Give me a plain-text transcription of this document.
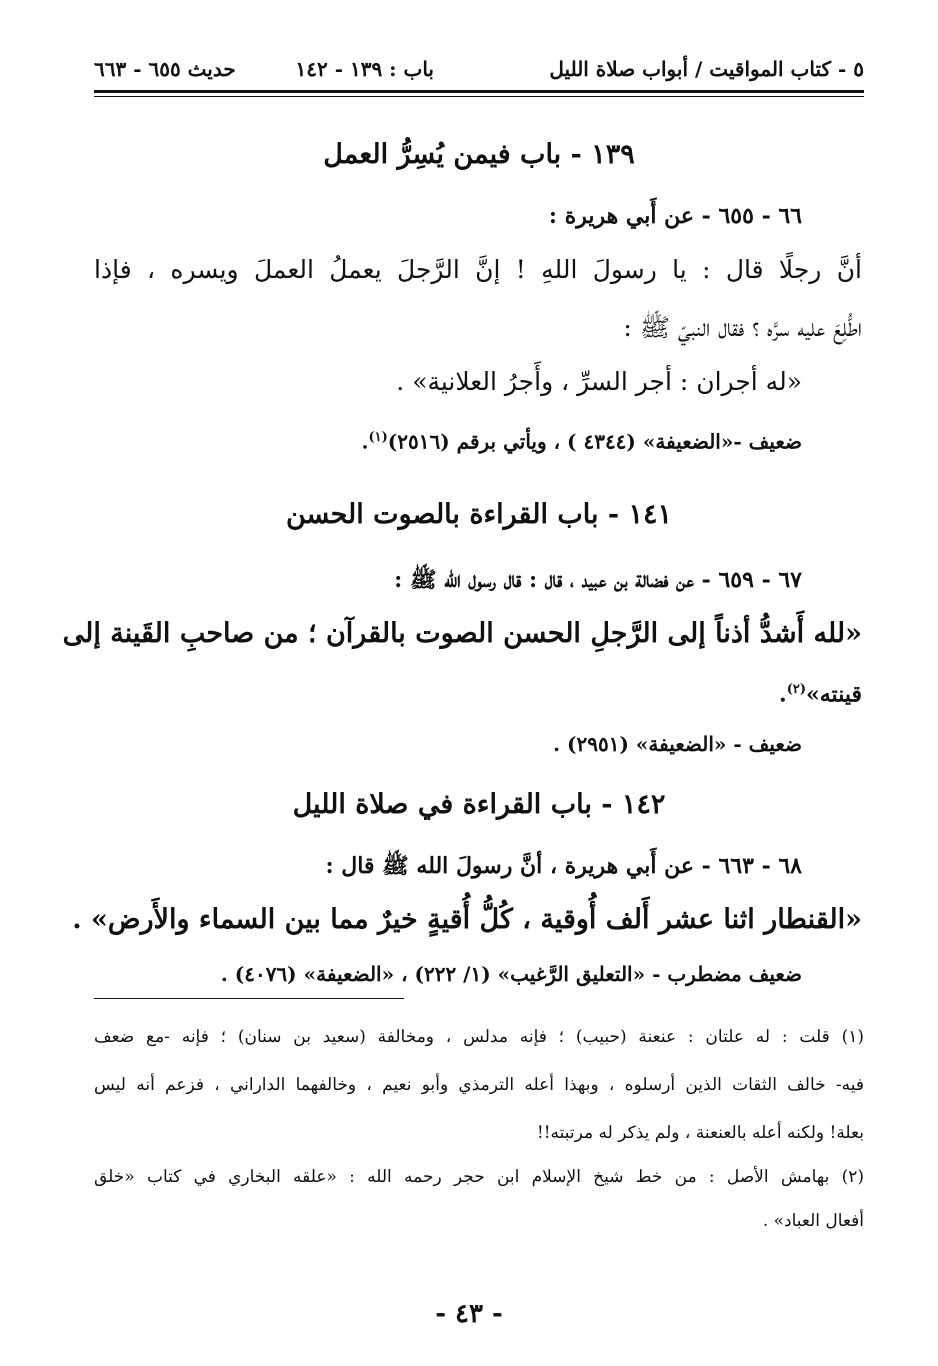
٥ - كتاب المواقيت / أبواب صلاة الليل
باب : ١٣٩ - ١٤٢
حديث ٦٥٥ - ٦٦٣
١٣٩ - باب فيمن يُسِرُّ العمل
٦٦ - ٦٥٥ - عن أَبي هريرة :
أنَّ رجلًا قال : يا رسولَ اللهِ ! إنَّ الرَّجلَ يعملُ العملَ ويسره ، فإذا
اطُّلِعَ عليه سرَّه ؟ فقال النبيّ ﷺ :
«له أجران : أجر السرِّ ، وأَجرُ العلانية» .
ضعيف -«الضعيفة» (٤٣٤٤ ) ، ويأتي برقم (٢٥١٦)$^{(١)}$.
١٤١ - باب القراءة بالصوت الحسن
٦٧ - ٦٥٩ - عن فضالة بن عبيد ، قال : قال رسول الله ﷺ :
«لله أَشدُّ أذناً إلى الرَّجلِ الحسن الصوت بالقرآن ؛ من صاحبِ القَينة إلى
قينته»$^{(٢)}$.
ضعيف - «الضعيفة» (٢٩٥١) .
١٤٢ - باب القراءة في صلاة الليل
٦٨ - ٦٦٣ - عن أَبي هريرة ، أنَّ رسولَ الله ﷺ قال :
«القنطار اثنا عشر أَلف أُوقية ، كُلُّ أُقيةٍ خيرٌ مما بين السماء والأَرض» .
ضعيف مضطرب - «التعليق الرَّغيب» (١/ ٢٢٢) ، «الضعيفة» (٤٠٧٦) .
(١) قلت : له علتان : عنعنة (حبيب) ؛ فإنه مدلس ، ومخالفة (سعيد بن سنان) ؛ فإنه -مع ضعف
فيه- خالف الثقات الذين أرسلوه ، وبهذا أعله الترمذي وأبو نعيم ، وخالفهما الداراني ، فزعم أنه ليس
بعلة! ولكنه أعله بالعنعنة ، ولم يذكر له مرتبته!!
(٢) بهامش الأصل : من خط شيخ الإسلام ابن حجر رحمه الله : «علقه البخاري في كتاب «خلق
أفعال العباد» .
- ٤٣ -
